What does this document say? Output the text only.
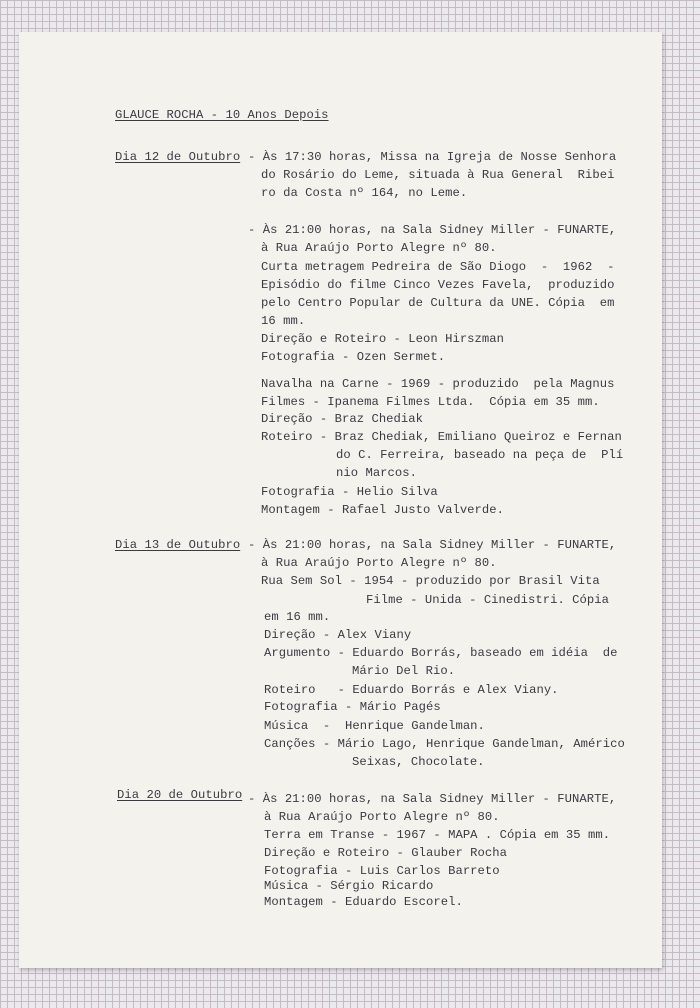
GLAUCE ROCHA - 10 Anos Depois
Dia 12 de Outubro - Às 17:30 horas, Missa na Igreja de Nosse Senhora
do Rosário do Leme, situada à Rua General  Ribei
ro da Costa nº 164, no Leme.
- Às 21:00 horas, na Sala Sidney Miller - FUNARTE,
à Rua Araújo Porto Alegre nº 80.
Curta metragem Pedreira de São Diogo  -  1962  -
Episódio do filme Cinco Vezes Favela,  produzido
pelo Centro Popular de Cultura da UNE. Cópia  em
16 mm.
Direção e Roteiro - Leon Hirszman
Fotografia - Ozen Sermet.
Navalha na Carne - 1969 - produzido  pela Magnus
Filmes - Ipanema Filmes Ltda.  Cópia em 35 mm.
Direção - Braz Chediak
Roteiro - Braz Chediak, Emiliano Queiroz e Fernan
do C. Ferreira, baseado na peça de  Plí
nio Marcos.
Fotografia - Helio Silva
Montagem - Rafael Justo Valverde.
Dia 13 de Outubro - Às 21:00 horas, na Sala Sidney Miller - FUNARTE,
à Rua Araújo Porto Alegre nº 80.
Rua Sem Sol - 1954 - produzido por Brasil Vita
Filme - Unida - Cinedistri. Cópia
em 16 mm.
Direção - Alex Viany
Argumento - Eduardo Borrás, baseado em idéia  de
Mário Del Rio.
Roteiro   - Eduardo Borrás e Alex Viany.
Fotografia - Mário Pagés
Música  -  Henrique Gandelman.
Canções - Mário Lago, Henrique Gandelman, Américo
Seixas, Chocolate.
Dia 20 de Outubro - Às 21:00 horas, na Sala Sidney Miller - FUNARTE,
à Rua Araújo Porto Alegre nº 80.
Terra em Transe - 1967 - MAPA . Cópia em 35 mm.
Direção e Roteiro - Glauber Rocha
Fotografia - Luis Carlos Barreto
Música - Sérgio Ricardo
Montagem - Eduardo Escorel.
